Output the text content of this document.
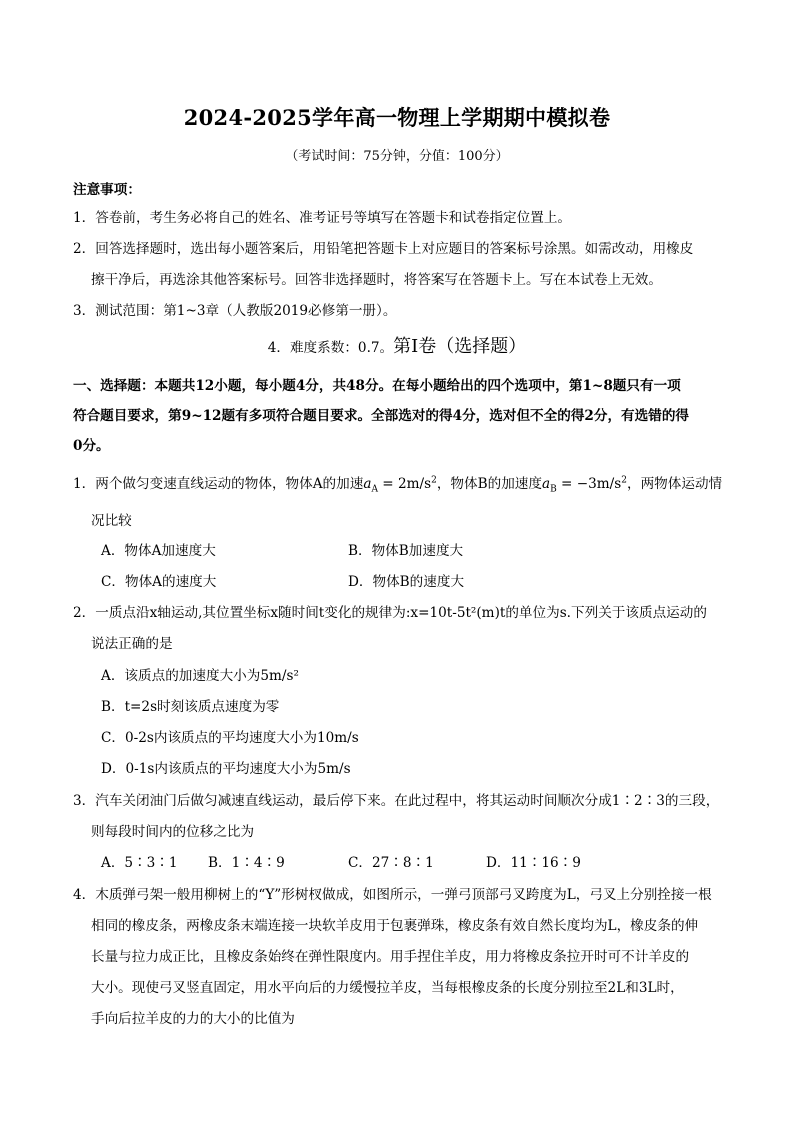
2024-2025学年高一物理上学期期中模拟卷
（考试时间：75分钟，分值：100分）
注意事项：
1．答卷前，考生务必将自己的姓名、准考证号等填写在答题卡和试卷指定位置上。
2．回答选择题时，选出每小题答案后，用铅笔把答题卡上对应题目的答案标号涂黑。如需改动，用橡皮
擦干净后，再选涂其他答案标号。回答非选择题时，将答案写在答题卡上。写在本试卷上无效。
3．测试范围：第1~3章（人教版2019必修第一册）。
4．难度系数：0.7。第Ⅰ卷（选择题）
一、选择题：本题共12小题，每小题4分，共48分。在每小题给出的四个选项中，第1~8题只有一项
符合题目要求，第9~12题有多项符合题目要求。全部选对的得4分，选对但不全的得2分，有选错的得
0分。
1．两个做匀变速直线运动的物体，物体A的加速$a_A = 2m/s^2$，物体B的加速度$a_B = -3m/s^2$，两物体运动情
况比较
A．物体A加速度大	B．物体B加速度大
C．物体A的速度大	D．物体B的速度大
2．一质点沿x轴运动,其位置坐标x随时间t变化的规律为:x=10t-5t²(m)t的单位为s.下列关于该质点运动的
说法正确的是
A．该质点的加速度大小为5m/s²
B．t=2s时刻该质点速度为零
C．0-2s内该质点的平均速度大小为10m/s
D．0-1s内该质点的平均速度大小为5m/s
3．汽车关闭油门后做匀减速直线运动，最后停下来。在此过程中，将其运动时间顺次分成1∶2∶3的三段，
则每段时间内的位移之比为
A．5∶3∶1 B．1∶4∶9	C．27∶8∶1	D．11∶16∶9
4．木质弹弓架一般用柳树上的“Y”形树杈做成，如图所示，一弹弓顶部弓叉跨度为L，弓叉上分别拴接一根
相同的橡皮条，两橡皮条末端连接一块软羊皮用于包裹弹珠，橡皮条有效自然长度均为L，橡皮条的伸
长量与拉力成正比，且橡皮条始终在弹性限度内。用手捏住羊皮，用力将橡皮条拉开时可不计羊皮的
大小。现使弓叉竖直固定，用水平向后的力缓慢拉羊皮，当每根橡皮条的长度分别拉至2L和3L时，
手向后拉羊皮的力的大小的比值为
